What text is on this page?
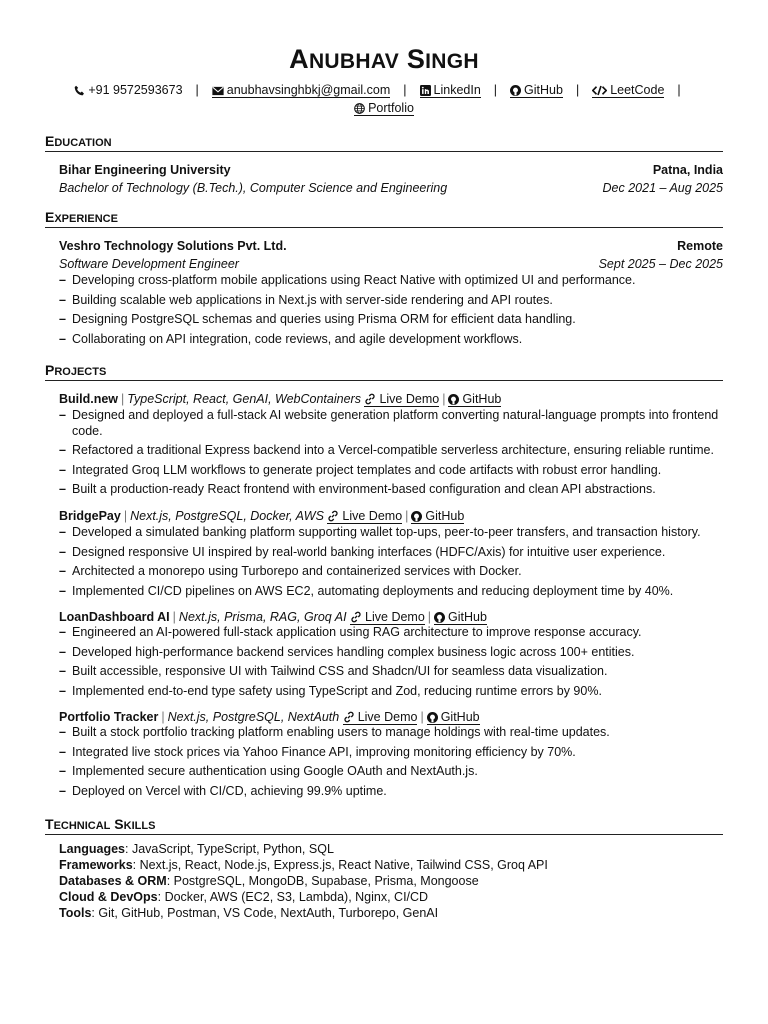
ANUBHAV SINGH
+91 9572593673 | anubhavsinghbkj@gmail.com | LinkedIn | GitHub | LeetCode |
Portfolio
EDUCATION
Bihar Engineering University	Patna, India
Bachelor of Technology (B.Tech.), Computer Science and Engineering	Dec 2021 – Aug 2025
EXPERIENCE
Veshro Technology Solutions Pvt. Ltd.	Remote
Software Development Engineer	Sept 2025 – Dec 2025
– Developing cross-platform mobile applications using React Native with optimized UI and performance.
– Building scalable web applications in Next.js with server-side rendering and API routes.
– Designing PostgreSQL schemas and queries using Prisma ORM for efficient data handling.
– Collaborating on API integration, code reviews, and agile development workflows.
PROJECTS
Build.new | TypeScript, React, GenAI, WebContainers Live Demo | GitHub
– Designed and deployed a full-stack AI website generation platform converting natural-language prompts into frontend code.
– Refactored a traditional Express backend into a Vercel-compatible serverless architecture, ensuring reliable runtime.
– Integrated Groq LLM workflows to generate project templates and code artifacts with robust error handling.
– Built a production-ready React frontend with environment-based configuration and clean API abstractions.
BridgePay | Next.js, PostgreSQL, Docker, AWS Live Demo | GitHub
– Developed a simulated banking platform supporting wallet top-ups, peer-to-peer transfers, and transaction history.
– Designed responsive UI inspired by real-world banking interfaces (HDFC/Axis) for intuitive user experience.
– Architected a monorepo using Turborepo and containerized services with Docker.
– Implemented CI/CD pipelines on AWS EC2, automating deployments and reducing deployment time by 40%.
LoanDashboard AI | Next.js, Prisma, RAG, Groq AI Live Demo | GitHub
– Engineered an AI-powered full-stack application using RAG architecture to improve response accuracy.
– Developed high-performance backend services handling complex business logic across 100+ entities.
– Built accessible, responsive UI with Tailwind CSS and Shadcn/UI for seamless data visualization.
– Implemented end-to-end type safety using TypeScript and Zod, reducing runtime errors by 90%.
Portfolio Tracker | Next.js, PostgreSQL, NextAuth Live Demo | GitHub
– Built a stock portfolio tracking platform enabling users to manage holdings with real-time updates.
– Integrated live stock prices via Yahoo Finance API, improving monitoring efficiency by 70%.
– Implemented secure authentication using Google OAuth and NextAuth.js.
– Deployed on Vercel with CI/CD, achieving 99.9% uptime.
TECHNICAL SKILLS
Languages: JavaScript, TypeScript, Python, SQL
Frameworks: Next.js, React, Node.js, Express.js, React Native, Tailwind CSS, Groq API
Databases & ORM: PostgreSQL, MongoDB, Supabase, Prisma, Mongoose
Cloud & DevOps: Docker, AWS (EC2, S3, Lambda), Nginx, CI/CD
Tools: Git, GitHub, Postman, VS Code, NextAuth, Turborepo, GenAI
